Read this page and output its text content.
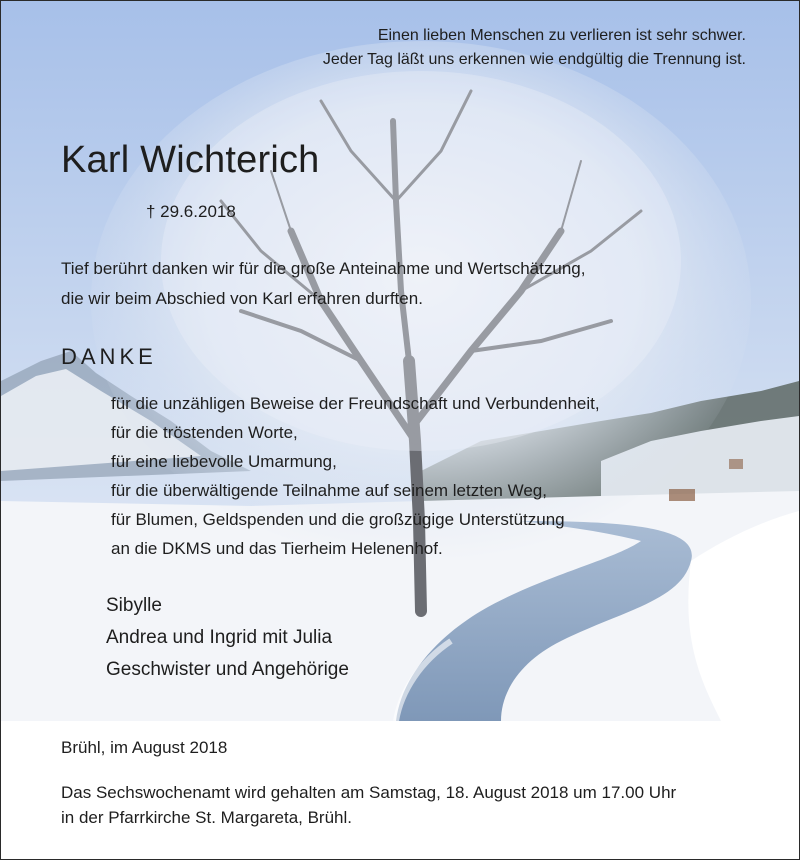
Einen lieben Menschen zu verlieren ist sehr schwer.
Jeder Tag läßt uns erkennen wie endgültig die Trennung ist.
Karl Wichterich
† 29.6.2018
Tief berührt danken wir für die große Anteinahme und Wertschätzung,
die wir beim Abschied von Karl erfahren durften.
DANKE
für die unzähligen Beweise der Freundschaft und Verbundenheit,
für die tröstenden Worte,
für eine liebevolle Umarmung,
für die überwältigende Teilnahme auf seinem letzten Weg,
für Blumen, Geldspenden und die großzügige Unterstützung
an die DKMS und das Tierheim Helenenhof.
Sibylle
Andrea und Ingrid mit Julia
Geschwister und Angehörige
Brühl, im August 2018
Das Sechswochenamt wird gehalten am Samstag, 18. August 2018 um 17.00 Uhr
in der Pfarrkirche St. Margareta, Brühl.
